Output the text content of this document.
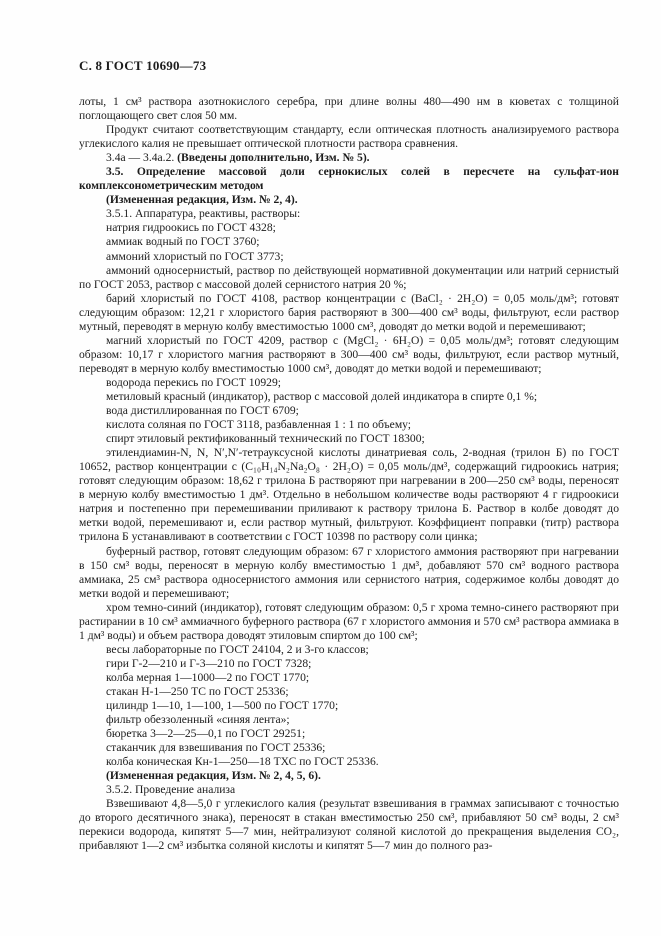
С. 8 ГОСТ 10690—73

лоты, 1 см³ раствора азотнокислого серебра, при длине волны 480—490 нм в кюветах с толщиной поглощающего свет слоя 50 мм.

Продукт считают соответствующим стандарту, если оптическая плотность анализируемого раствора углекислого калия не превышает оптической плотности раствора сравнения.

3.4а — 3.4а.2. (Введены дополнительно, Изм. № 5).

3.5. Определение массовой доли сернокислых солей в пересчете на сульфат-ион комплексонометрическим методом

(Измененная редакция, Изм. № 2, 4).

3.5.1. Аппаратура, реактивы, растворы:

натрия гидроокись по ГОСТ 4328;

аммиак водный по ГОСТ 3760;

аммоний хлористый по ГОСТ 3773;

аммоний односернистый, раствор по действующей нормативной документации или натрий сернистый по ГОСТ 2053, раствор с массовой долей сернистого натрия 20 %;

барий хлористый по ГОСТ 4108, раствор концентрации c (BaCl₂ · 2H₂O) = 0,05 моль/дм³; готовят следующим образом: 12,21 г хлористого бария растворяют в 300—400 см³ воды, фильтруют, если раствор мутный, переводят в мерную колбу вместимостью 1000 см³, доводят до метки водой и перемешивают;

магний хлористый по ГОСТ 4209, раствор c (MgCl₂ · 6H₂O) = 0,05 моль/дм³; готовят следующим образом: 10,17 г хлористого магния растворяют в 300—400 см³ воды, фильтруют, если раствор мутный, переводят в мерную колбу вместимостью 1000 см³, доводят до метки водой и перемешивают;

водорода перекись по ГОСТ 10929;

метиловый красный (индикатор), раствор с массовой долей индикатора в спирте 0,1 %;

вода дистиллированная по ГОСТ 6709;

кислота соляная по ГОСТ 3118, разбавленная 1 : 1 по объему;

спирт этиловый ректификованный технический по ГОСТ 18300;

этилендиамин-N, N, N′,N′-тетрауксусной кислоты динатриевая соль, 2-водная (трилон Б) по ГОСТ 10652, раствор концентрации c (C₁₀H₁₄N₂Na₂O₈ · 2H₂O) = 0,05 моль/дм³, содержащий гидроокись натрия; готовят следующим образом: 18,62 г трилона Б растворяют при нагревании в 200—250 см³ воды, переносят в мерную колбу вместимостью 1 дм³. Отдельно в небольшом количестве воды растворяют 4 г гидроокиси натрия и постепенно при перемешивании приливают к раствору трилона Б. Раствор в колбе доводят до метки водой, перемешивают и, если раствор мутный, фильтруют. Коэффициент поправки (титр) раствора трилона Б устанавливают в соответствии с ГОСТ 10398 по раствору соли цинка;

буферный раствор, готовят следующим образом: 67 г хлористого аммония растворяют при нагревании в 150 см³ воды, переносят в мерную колбу вместимостью 1 дм³, добавляют 570 см³ водного раствора аммиака, 25 см³ раствора односернистого аммония или сернистого натрия, содержимое колбы доводят до метки водой и перемешивают;

хром темно-синий (индикатор), готовят следующим образом: 0,5 г хрома темно-синего растворяют при растирании в 10 см³ аммиачного буферного раствора (67 г хлористого аммония и 570 см³ раствора аммиака в 1 дм³ воды) и объем раствора доводят этиловым спиртом до 100 см³;

весы лабораторные по ГОСТ 24104, 2 и 3-го классов;

гири Г-2—210 и Г-3—210 по ГОСТ 7328;

колба мерная 1—1000—2 по ГОСТ 1770;

стакан Н-1—250 ТС по ГОСТ 25336;

цилиндр 1—10, 1—100, 1—500 по ГОСТ 1770;

фильтр обеззоленный «синяя лента»;

бюретка 3—2—25—0,1 по ГОСТ 29251;

стаканчик для взвешивания по ГОСТ 25336;

колба коническая Кн-1—250—18 ТХС по ГОСТ 25336.

(Измененная редакция, Изм. № 2, 4, 5, 6).

3.5.2. Проведение анализа

Взвешивают 4,8—5,0 г углекислого калия (результат взвешивания в граммах записывают с точностью до второго десятичного знака), переносят в стакан вместимостью 250 см³, прибавляют 50 см³ воды, 2 см³ перекиси водорода, кипятят 5—7 мин, нейтрализуют соляной кислотой до прекращения выделения CO₂, прибавляют 1—2 см³ избытка соляной кислоты и кипятят 5—7 мин до полного раз-
